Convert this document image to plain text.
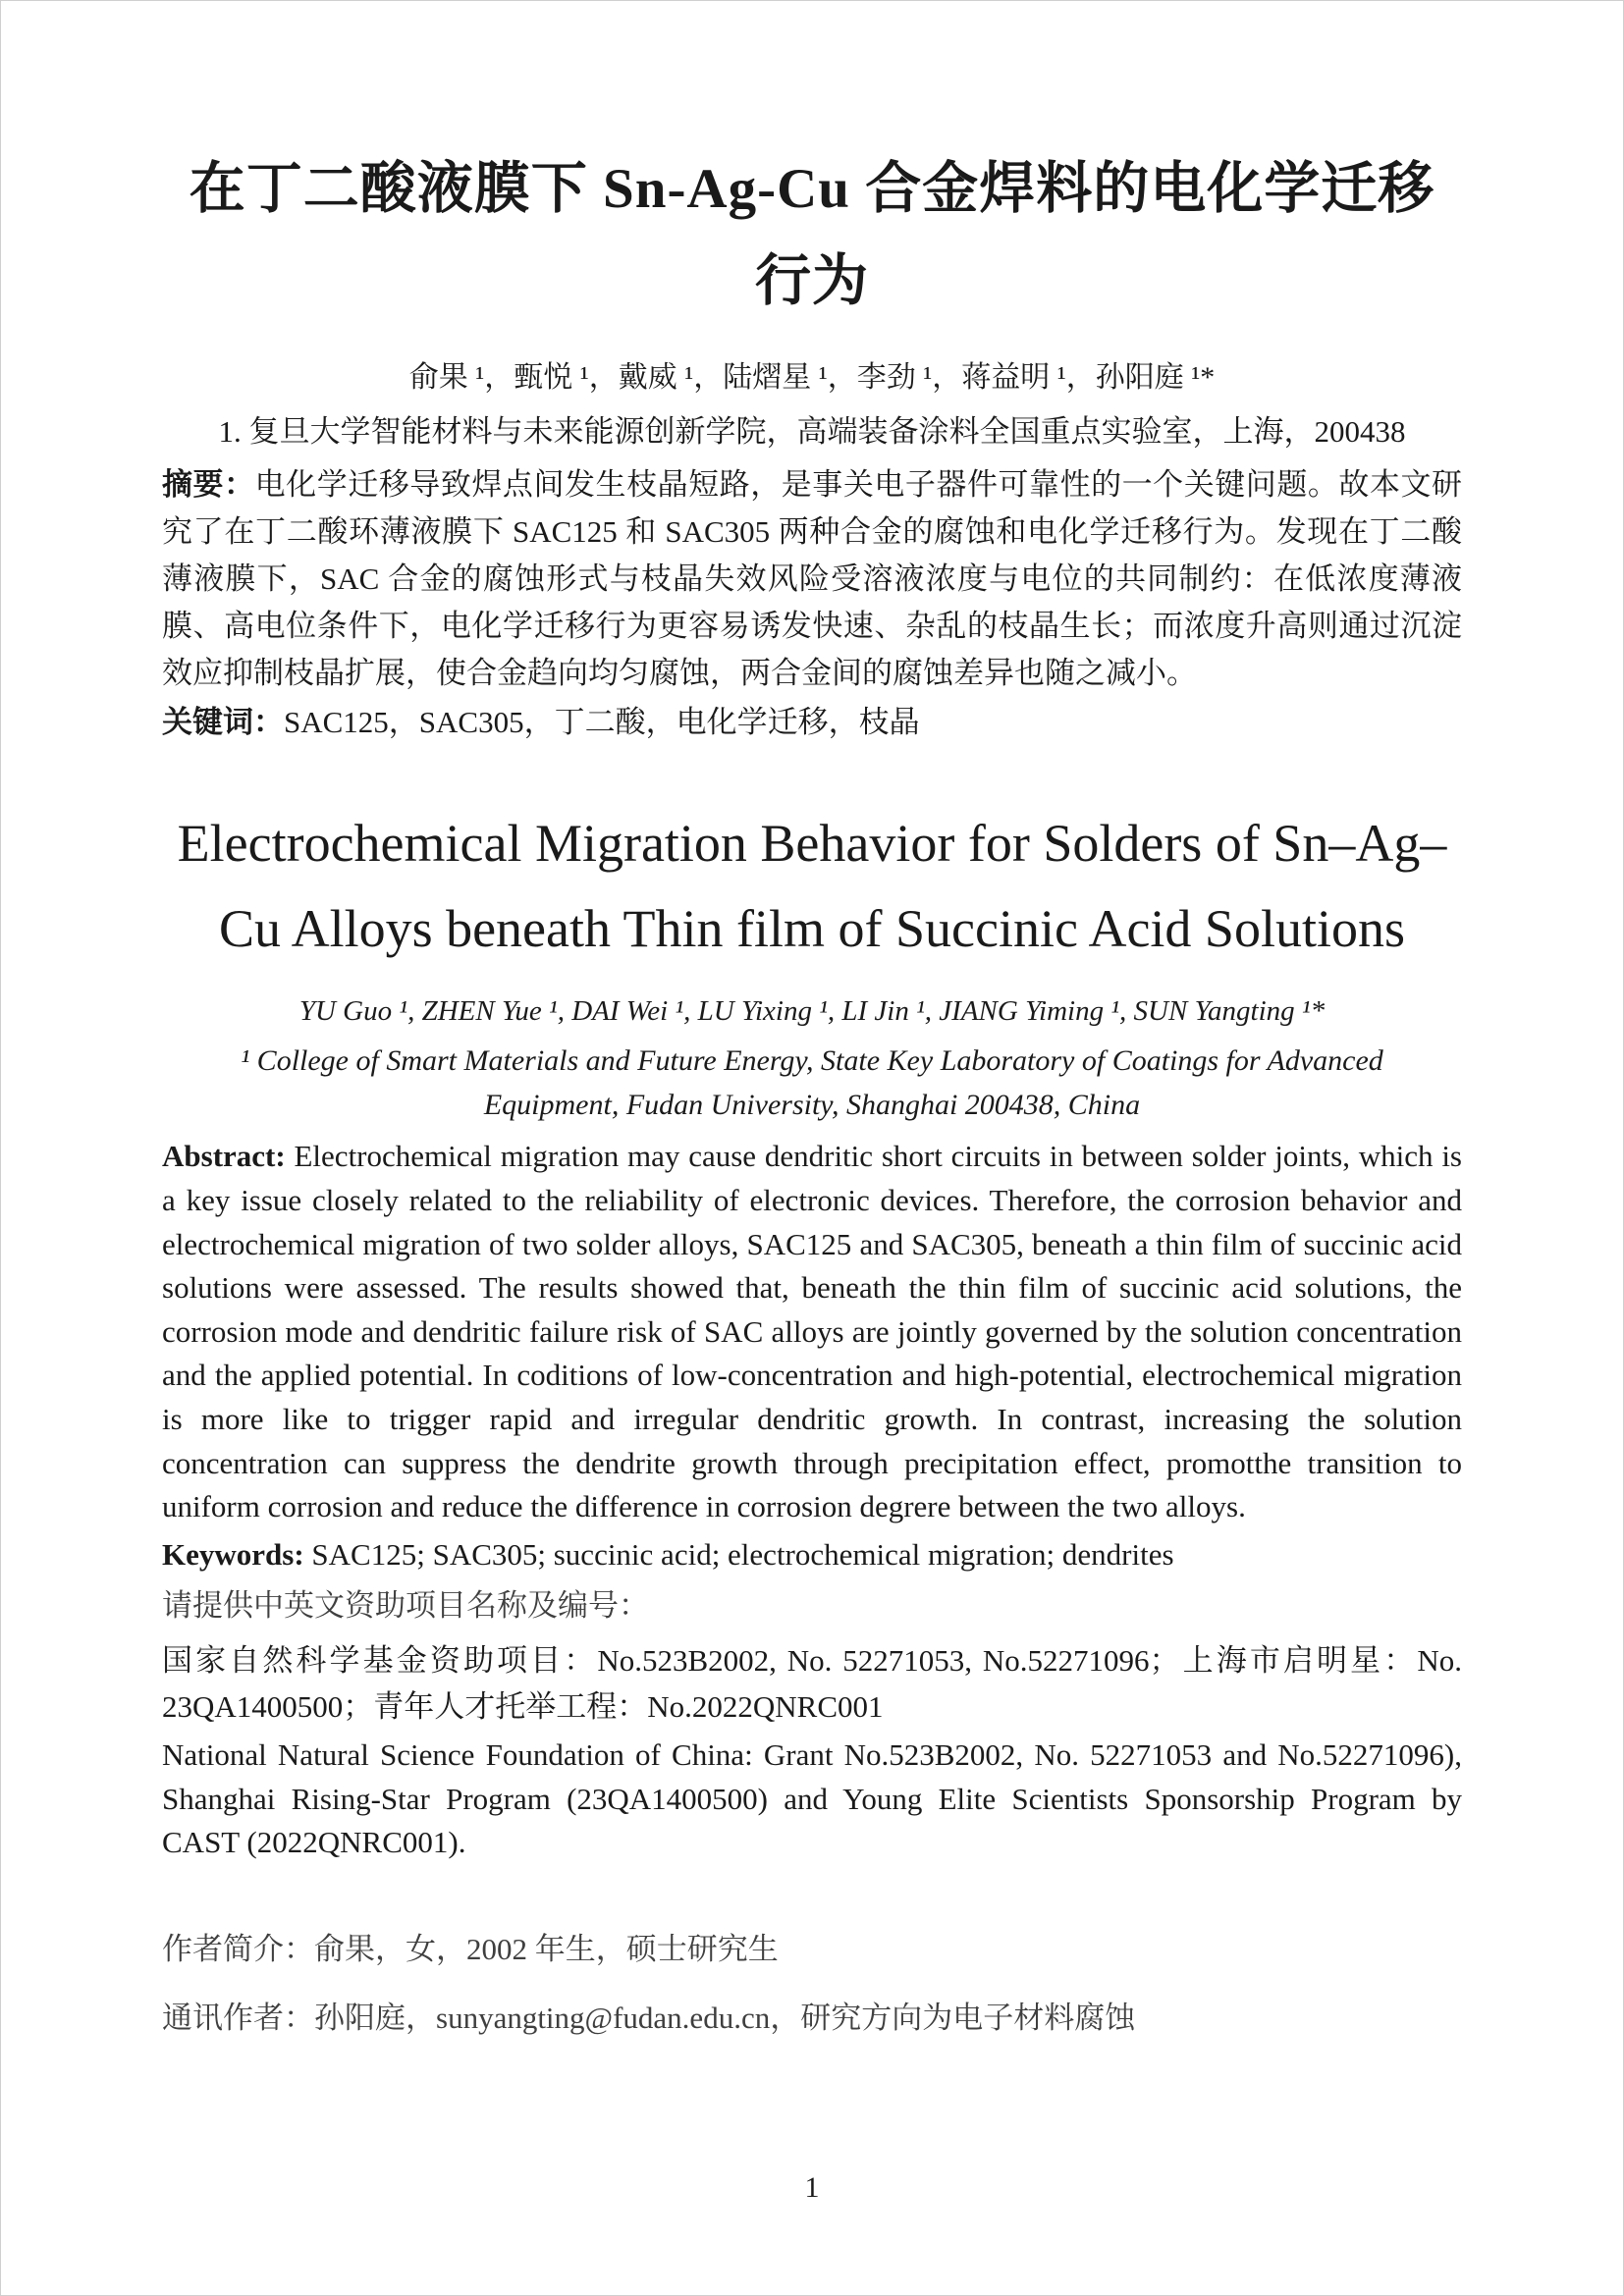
在丁二酸液膜下 Sn-Ag-Cu 合金焊料的电化学迁移行为

俞果 ¹，甄悦 ¹，戴威 ¹，陆熠星 ¹，李劲 ¹，蒋益明 ¹，孙阳庭 ¹*

1. 复旦大学智能材料与未来能源创新学院，高端装备涂料全国重点实验室，上海，200438

摘要：电化学迁移导致焊点间发生枝晶短路，是事关电子器件可靠性的一个关键问题。故本文研究了在丁二酸环薄液膜下 SAC125 和 SAC305 两种合金的腐蚀和电化学迁移行为。发现在丁二酸薄液膜下，SAC 合金的腐蚀形式与枝晶失效风险受溶液浓度与电位的共同制约：在低浓度薄液膜、高电位条件下，电化学迁移行为更容易诱发快速、杂乱的枝晶生长；而浓度升高则通过沉淀效应抑制枝晶扩展，使合金趋向均匀腐蚀，两合金间的腐蚀差异也随之减小。

关键词：SAC125，SAC305，丁二酸，电化学迁移，枝晶

Electrochemical Migration Behavior for Solders of Sn–Ag–Cu Alloys beneath Thin film of Succinic Acid Solutions

YU Guo ¹, ZHEN Yue ¹, DAI Wei ¹, LU Yixing ¹, LI Jin ¹, JIANG Yiming ¹, SUN Yangting ¹*

¹ College of Smart Materials and Future Energy, State Key Laboratory of Coatings for Advanced Equipment, Fudan University, Shanghai 200438, China

Abstract: Electrochemical migration may cause dendritic short circuits in between solder joints, which is a key issue closely related to the reliability of electronic devices. Therefore, the corrosion behavior and electrochemical migration of two solder alloys, SAC125 and SAC305, beneath a thin film of succinic acid solutions were assessed. The results showed that, beneath the thin film of succinic acid solutions, the corrosion mode and dendritic failure risk of SAC alloys are jointly governed by the solution concentration and the applied potential. In coditions of low-concentration and high-potential, electrochemical migration is more like to trigger rapid and irregular dendritic growth. In contrast, increasing the solution concentration can suppress the dendrite growth through precipitation effect, promotthe transition to uniform corrosion and reduce the difference in corrosion degrere between the two alloys.

Keywords: SAC125; SAC305; succinic acid; electrochemical migration; dendrites

请提供中英文资助项目名称及编号：

国家自然科学基金资助项目：No.523B2002, No. 52271053, No.52271096；上海市启明星：No. 23QA1400500；青年人才托举工程：No.2022QNRC001

National Natural Science Foundation of China: Grant No.523B2002, No. 52271053 and No.52271096), Shanghai Rising-Star Program (23QA1400500) and Young Elite Scientists Sponsorship Program by CAST (2022QNRC001).

作者简介：俞果，女，2002 年生，硕士研究生

通讯作者：孙阳庭，sunyangting@fudan.edu.cn，研究方向为电子材料腐蚀

1
